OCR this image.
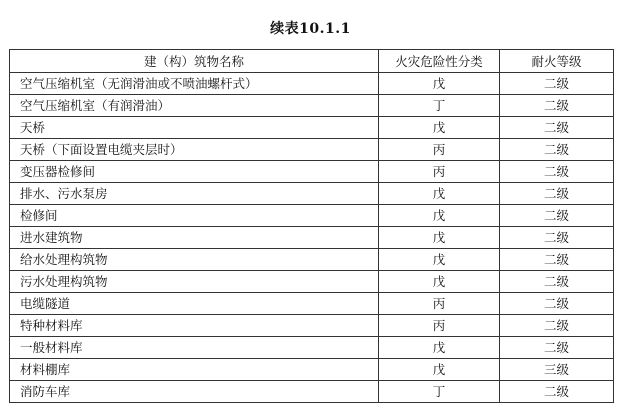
续表10.1.1
建（构）筑物名称	火灾危险性分类	耐火等级
空气压缩机室（无润滑油或不喷油螺杆式）	戊	二级
空气压缩机室（有润滑油）	丁	二级
天桥	戊	二级
天桥（下面设置电缆夹层时）	丙	二级
变压器检修间	丙	二级
排水、污水泵房	戊	二级
检修间	戊	二级
进水建筑物	戊	二级
给水处理构筑物	戊	二级
污水处理构筑物	戊	二级
电缆隧道	丙	二级
特种材料库	丙	二级
一般材料库	戊	二级
材料棚库	戊	三级
消防车库	丁	二级
